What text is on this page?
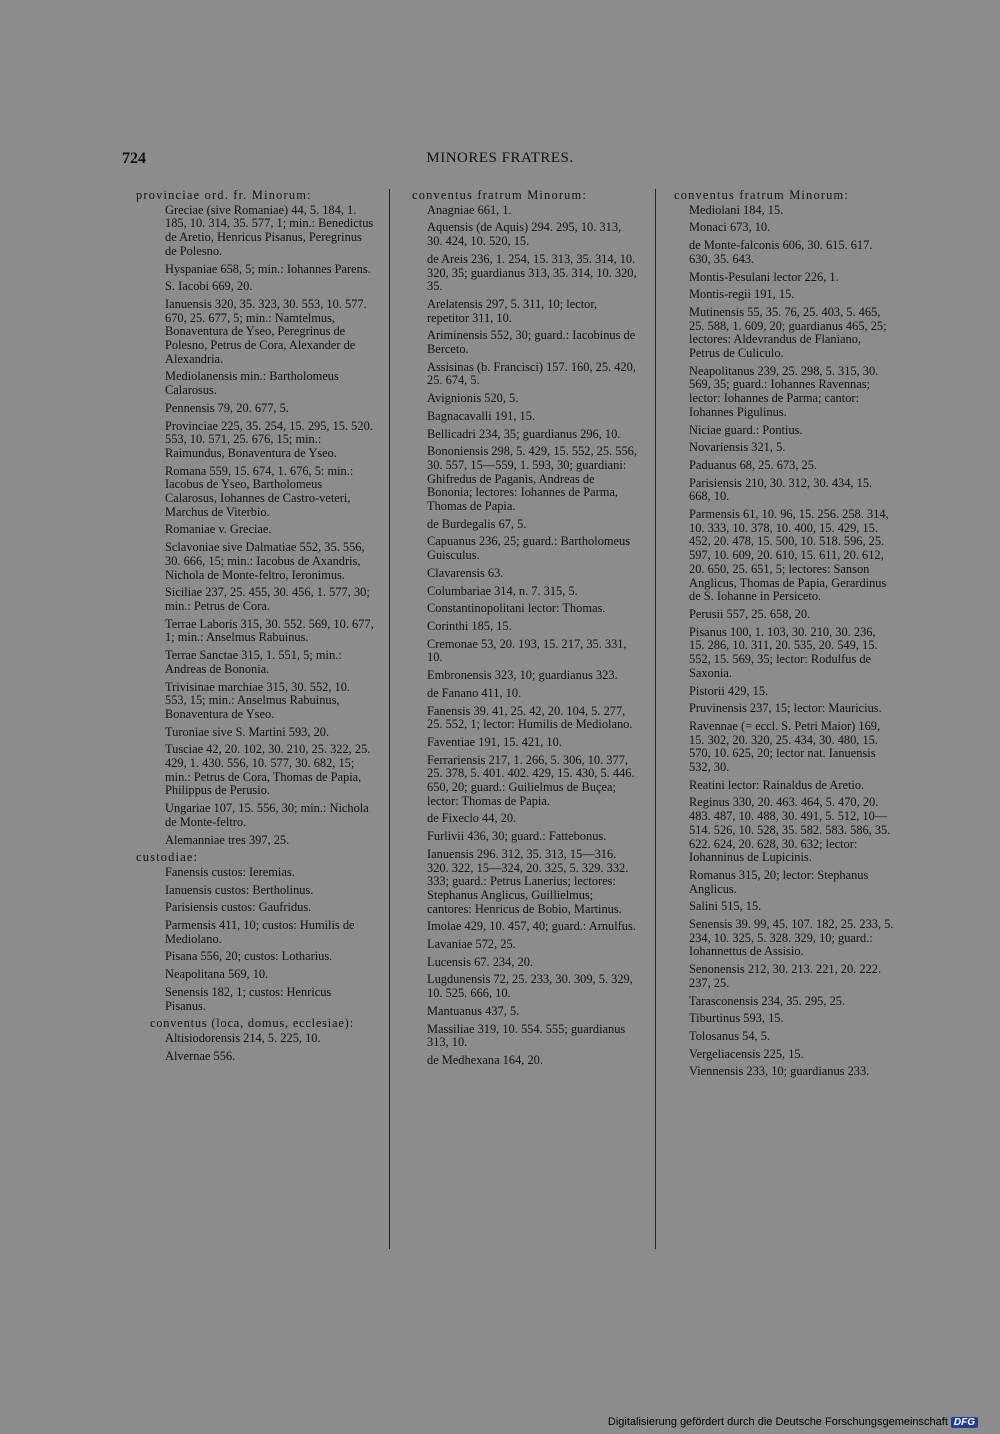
724	MINORES FRATRES.
provinciae ord. fr. Minorum:
Greciae (sive Romaniae) 44, 5. 184, 1. 185, 10. 314, 35. 577, 1; min.: Benedictus de Aretio, Henricus Pisanus, Peregrinus de Polesno.
Hyspaniae 658, 5; min.: Iohannes Parens.
S. Iacobi 669, 20.
Ianuensis 320, 35. 323, 30. 553, 10. 577. 670, 25. 677, 5; min.: Namtelmus, Bonaventura de Yseo, Peregrinus de Polesno, Petrus de Cora, Alexander de Alexandria.
Mediolanensis min.: Bartholomeus Calarosus.
Pennensis 79, 20. 677, 5.
Provinciae 225, 35. 254, 15. 295, 15. 520. 553, 10. 571, 25. 676, 15; min.: Raimundus, Bonaventura de Yseo.
Romana 559, 15. 674, 1. 676, 5: min.: Iacobus de Yseo, Bartholomeus Calarosus, Iohannes de Castro-veteri, Marchus de Viterbio.
Romaniae v. Greciae.
Sclavoniae sive Dalmatiae 552, 35. 556, 30. 666, 15; min.: Iacobus de Axandris, Nichola de Monte-feltro, Ieronimus.
Siciliae 237, 25. 455, 30. 456, 1. 577, 30; min.: Petrus de Cora.
Terrae Laboris 315, 30. 552. 569, 10. 677, 1; min.: Anselmus Rabuinus.
Terrae Sanctae 315, 1. 551, 5; min.: Andreas de Bononia.
Trivisinae marchiae 315, 30. 552, 10. 553, 15; min.: Anselmus Rabuinus, Bonaventura de Yseo.
Turoniae sive S. Martini 593, 20.
Tusciae 42, 20. 102, 30. 210, 25. 322, 25. 429, 1. 430. 556, 10. 577, 30. 682, 15; min.: Petrus de Cora, Thomas de Papia, Philippus de Perusio.
Ungariae 107, 15. 556, 30; min.: Nichola de Monte-feltro.
Alemanniae tres 397, 25.
custodiae:
Fanensis custos: Ieremias.
Ianuensis custos: Bertholinus.
Parisiensis custos: Gaufridus.
Parmensis 411, 10; custos: Humilis de Mediolano.
Pisana 556, 20; custos: Lotharius.
Neapolitana 569, 10.
Senensis 182, 1; custos: Henricus Pisanus.
conventus (loca, domus, ecclesiae):
Altisiodorensis 214, 5. 225, 10.
Alvernae 556.
conventus fratrum Minorum:
Anagniae 661, 1.
Aquensis (de Aquis) 294. 295, 10. 313, 30. 424, 10. 520, 15.
de Areis 236, 1. 254, 15. 313, 35. 314, 10. 320, 35; guardianus 313, 35. 314, 10. 320, 35.
Arelatensis 297, 5. 311, 10; lector, repetitor 311, 10.
Ariminensis 552, 30; guard.: Iacobinus de Berceto.
Assisinas (b. Francisci) 157. 160, 25. 420, 25. 674, 5.
Avignionis 520, 5.
Bagnacavalli 191, 15.
Bellicadri 234, 35; guardianus 296, 10.
Bononiensis 298, 5. 429, 15. 552, 25. 556, 30. 557, 15—559, 1. 593, 30; guardiani: Ghifredus de Paganis, Andreas de Bononia; lectores: Iohannes de Parma, Thomas de Papia.
de Burdegalis 67, 5.
Capuanus 236, 25; guard.: Bartholomeus Guisculus.
Clavarensis 63.
Columbariae 314, n. 7. 315, 5.
Constantinopolitani lector: Thomas.
Corinthi 185, 15.
Cremonae 53, 20. 193, 15. 217, 35. 331, 10.
Embronensis 323, 10; guardianus 323.
de Fanano 411, 10.
Fanensis 39. 41, 25. 42, 20. 104, 5. 277, 25. 552, 1; lector: Humilis de Mediolano.
Faventiae 191, 15. 421, 10.
Ferrariensis 217, 1. 266, 5. 306, 10. 377, 25. 378, 5. 401. 402. 429, 15. 430, 5. 446. 650, 20; guard.: Guilielmus de Buçea; lector: Thomas de Papia.
de Fixeclo 44, 20.
Furlivii 436, 30; guard.: Fattebonus.
Ianuensis 296. 312, 35. 313, 15—316. 320. 322, 15—324, 20. 325, 5. 329. 332. 333; guard.: Petrus Lanerius; lectores: Stephanus Anglicus, Guillielmus; cantores: Henricus de Bobio, Martinus.
Imolae 429, 10. 457, 40; guard.: Arnulfus.
Lavaniae 572, 25.
Lucensis 67. 234, 20.
Lugdunensis 72, 25. 233, 30. 309, 5. 329, 10. 525. 666, 10.
Mantuanus 437, 5.
Massiliae 319, 10. 554. 555; guardianus 313, 10.
de Medhexana 164, 20.
conventus fratrum Minorum:
Mediolani 184, 15.
Monaci 673, 10.
de Monte-falconis 606, 30. 615. 617. 630, 35. 643.
Montis-Pesulani lector 226, 1.
Montis-regii 191, 15.
Mutinensis 55, 35. 76, 25. 403, 5. 465, 25. 588, 1. 609, 20; guardianus 465, 25; lectores: Aldevrandus de Flaniano, Petrus de Culiculo.
Neapolitanus 239, 25. 298, 5. 315, 30. 569, 35; guard.: Iohannes Ravennas; lector: Iohannes de Parma; cantor: Iohannes Pigulinus.
Niciae guard.: Pontius.
Novariensis 321, 5.
Paduanus 68, 25. 673, 25.
Parisiensis 210, 30. 312, 30. 434, 15. 668, 10.
Parmensis 61, 10. 96, 15. 256. 258. 314, 10. 333, 10. 378, 10. 400, 15. 429, 15. 452, 20. 478, 15. 500, 10. 518. 596, 25. 597, 10. 609, 20. 610, 15. 611, 20. 612, 20. 650, 25. 651, 5; lectores: Sanson Anglicus, Thomas de Papia, Gerardinus de S. Iohanne in Persiceto.
Perusii 557, 25. 658, 20.
Pisanus 100, 1. 103, 30. 210, 30. 236, 15. 286, 10. 311, 20. 535, 20. 549, 15. 552, 15. 569, 35; lector: Rodulfus de Saxonia.
Pistorii 429, 15.
Pruvinensis 237, 15; lector: Mauricius.
Ravennae (= eccl. S. Petri Maior) 169, 15. 302, 20. 320, 25. 434, 30. 480, 15. 570, 10. 625, 20; lector nat. Ianuensis 532, 30.
Reatini lector: Rainaldus de Aretio.
Reginus 330, 20. 463. 464, 5. 470, 20. 483. 487, 10. 488, 30. 491, 5. 512, 10—514. 526, 10. 528, 35. 582. 583. 586, 35. 622. 624, 20. 628, 30. 632; lector: Iohanninus de Lupicinis.
Romanus 315, 20; lector: Stephanus Anglicus.
Salini 515, 15.
Senensis 39. 99, 45. 107. 182, 25. 233, 5. 234, 10. 325, 5. 328. 329, 10; guard.: Iohannettus de Assisio.
Senonensis 212, 30. 213. 221, 20. 222. 237, 25.
Tarasconensis 234, 35. 295, 25.
Tiburtinus 593, 15.
Tolosanus 54, 5.
Vergeliacensis 225, 15.
Viennensis 233, 10; guardianus 233.
Digitalisierung gefördert durch die Deutsche Forschungsgemeinschaft DFG
